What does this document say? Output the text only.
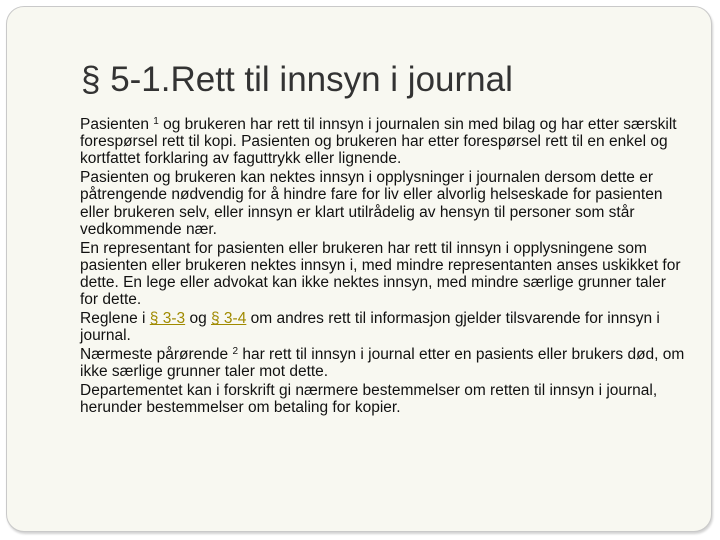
§ 5-1.Rett til innsyn i journal

Pasienten $^1$ og brukeren har rett til innsyn i journalen sin med bilag og har etter særskilt forespørsel rett til kopi. Pasienten og brukeren har etter forespørsel rett til en enkel og kortfattet forklaring av faguttrykk eller lignende.

Pasienten og brukeren kan nektes innsyn i opplysninger i journalen dersom dette er påtrengende nødvendig for å hindre fare for liv eller alvorlig helseskade for pasienten eller brukeren selv, eller innsyn er klart utilrådelig av hensyn til personer som står vedkommende nær.

En representant for pasienten eller brukeren har rett til innsyn i opplysningene som pasienten eller brukeren nektes innsyn i, med mindre representanten anses uskikket for dette. En lege eller advokat kan ikke nektes innsyn, med mindre særlige grunner taler for dette.

Reglene i § 3-3 og § 3-4 om andres rett til informasjon gjelder tilsvarende for innsyn i journal.

Nærmeste pårørende $^2$ har rett til innsyn i journal etter en pasients eller brukers død, om ikke særlige grunner taler mot dette.

Departementet kan i forskrift gi nærmere bestemmelser om retten til innsyn i journal, herunder bestemmelser om betaling for kopier.
